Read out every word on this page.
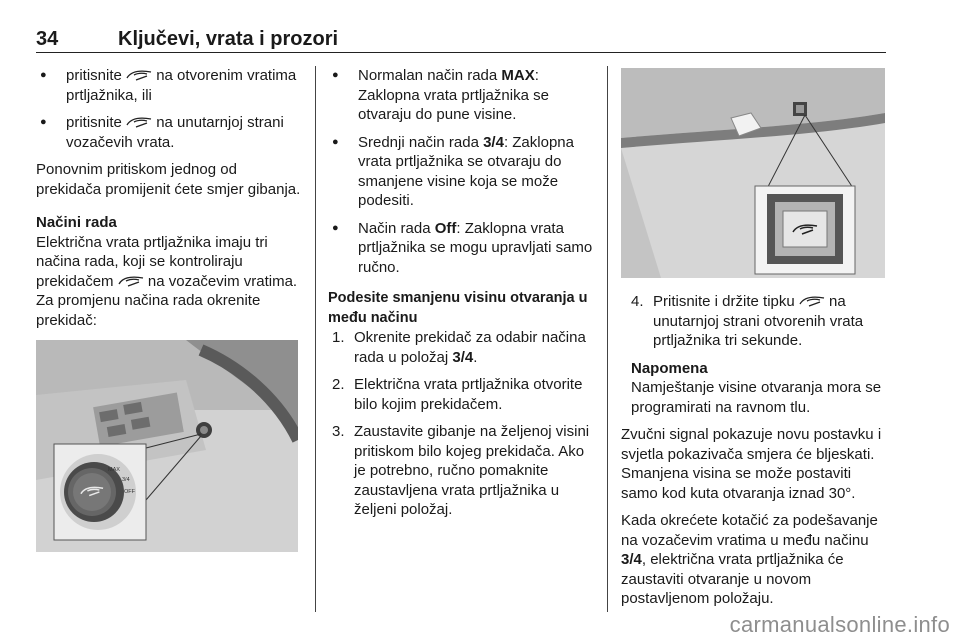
34	Ključevi, vrata i prozori
● pritisnite  na otvorenim vratima prtljažnika, ili
● pritisnite  na unutarnjoj strani vozačevih vrata.

Ponovnim pritiskom jednog od prekidača promijenit ćete smjer gibanja.

Načini rada

Električna vrata prtljažnika imaju tri načina rada, koji se kontroliraju prekidačem  na vozačevim vratima. Za promjenu načina rada okrenite prekidač:

MAX
3/4
OFF
● Normalan način rada MAX: Zaklopna vrata prtljažnika se otvaraju do pune visine.
● Srednji način rada 3/4: Zaklopna vrata prtljažnika se otvaraju do smanjene visine koja se može podesiti.
● Način rada Off: Zaklopna vrata prtljažnika se mogu upravljati samo ručno.

Podesite smanjenu visinu otvaranja u među načinu

1. Okrenite prekidač za odabir načina rada u položaj 3/4.
2. Električna vrata prtljažnika otvorite bilo kojim prekidačem.
3. Zaustavite gibanje na željenoj visini pritiskom bilo kojeg prekidača. Ako je potrebno, ručno pomaknite zaustavljena vrata prtljažnika u željeni položaj.
4. Pritisnite i držite tipku  na unutarnjoj strani otvorenih vrata prtljažnika tri sekunde.

Napomena

Namještanje visine otvaranja mora se programirati na ravnom tlu.

Zvučni signal pokazuje novu postavku i svjetla pokazivača smjera će bljeskati. Smanjena visina se može postaviti samo kod kuta otvaranja iznad 30°.

Kada okrećete kotačić za podešavanje na vozačevim vratima u među načinu 3/4, električna vrata prtljažnika će zaustaviti otvaranje u novom postavljenom položaju.

carmanualsonline.info
